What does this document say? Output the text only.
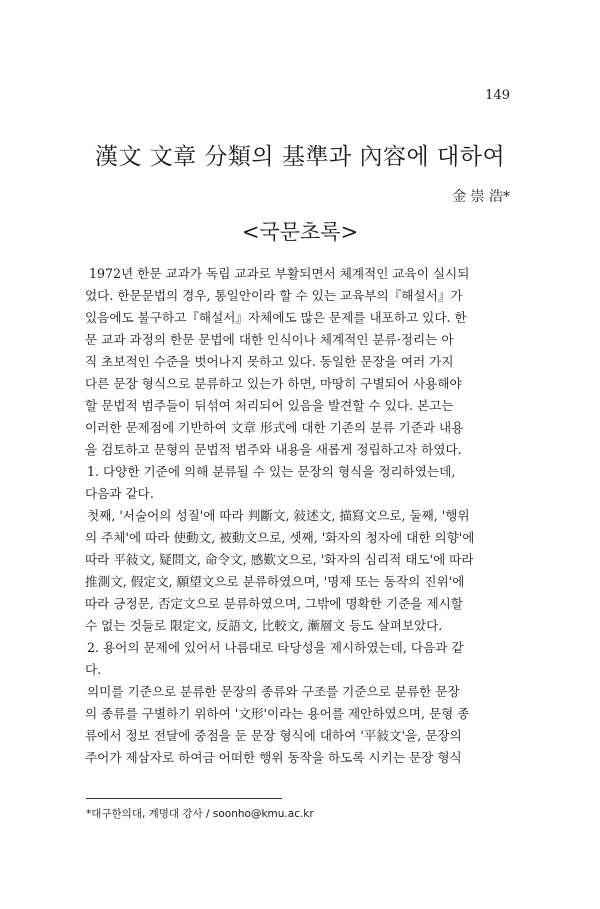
149
漢文 文章 分類의 基準과 內容에 대하여
金 崇 浩*
<국문초록>
1972년 한문 교과가 독립 교과로 부활되면서 체계적인 교육이 실시되
었다. 한문문법의 경우, 통일안이라 할 수 있는 교육부의『해설서』가
있음에도 불구하고『해설서』자체에도 많은 문제를 내포하고 있다. 한
문 교과 과정의 한문 문법에 대한 인식이나 체계적인 분류·정리는 아
직 초보적인 수준을 벗어나지 못하고 있다. 동일한 문장을 여러 가지
다른 문장 형식으로 분류하고 있는가 하면, 마땅히 구별되어 사용해야
할 문법적 범주들이 뒤섞여 처리되어 있음을 발견할 수 있다. 본고는
이러한 문제점에 기반하여 文章 形式에 대한 기존의 분류 기준과 내용
을 검토하고 문형의 문법적 범주와 내용을 새롭게 정립하고자 하였다.
1. 다양한 기준에 의해 분류될 수 있는 문장의 형식을 정리하였는데,
다음과 같다.
첫째, '서술어의 성질'에 따라 判斷文, 敍述文, 描寫文으로, 둘째, '행위
의 주체'에 따라 使動文, 被動文으로, 셋째, '화자의 청자에 대한 의향'에
따라 平敍文, 疑問文, 命令文, 感歎文으로, '화자의 심리적 태도'에 따라
推測文, 假定文, 願望文으로 분류하였으며, '명제 또는 동작의 진위'에
따라 긍정문, 否定文으로 분류하였으며, 그밖에 명확한 기준을 제시할
수 없는 것들로 限定文, 反語文, 比較文, 漸層文 등도 살펴보았다.
2. 용어의 문제에 있어서 나름대로 타당성을 제시하였는데, 다음과 같
다.
의미를 기준으로 분류한 문장의 종류와 구조를 기준으로 분류한 문장
의 종류를 구별하기 위하여 '文形'이라는 용어를 제안하였으며, 문형 종
류에서 정보 전달에 중점을 둔 문장 형식에 대하여 '平敍文'을, 문장의
주어가 제삼자로 하여금 어떠한 행위 동작을 하도록 시키는 문장 형식
*대구한의대, 계명대 강사 / soonho@kmu.ac.kr
